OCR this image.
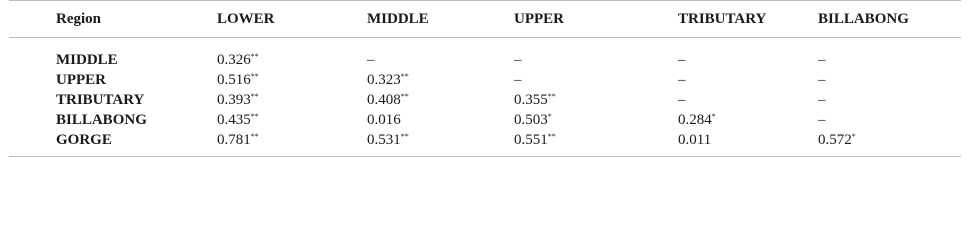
Region	LOWER	MIDDLE	UPPER	TRIBUTARY	BILLABONG
MIDDLE	0.326**	–	–	–	–
UPPER	0.516**	0.323**	–	–	–
TRIBUTARY	0.393**	0.408**	0.355**	–	–
BILLABONG	0.435**	0.016	0.503*	0.284*	–
GORGE	0.781**	0.531**	0.551**	0.011	0.572*
